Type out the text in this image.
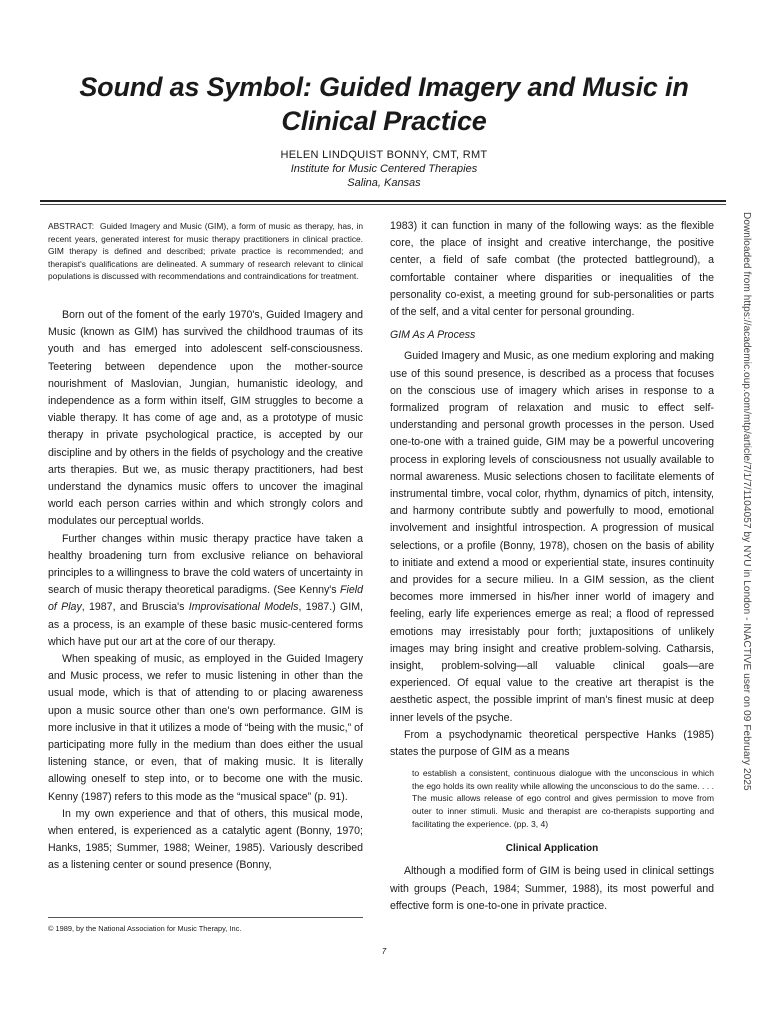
Sound as Symbol: Guided Imagery and Music in Clinical Practice
HELEN LINDQUIST BONNY, CMT, RMT
Institute for Music Centered Therapies
Salina, Kansas
ABSTRACT: Guided Imagery and Music (GIM), a form of music as therapy, has, in recent years, generated interest for music therapy practitioners in clinical practice. GIM therapy is defined and described; private practice is recommended; and therapist's qualifications are delineated. A summary of research relevant to clinical populations is discussed with recommendations and contraindications for treatment.

Born out of the foment of the early 1970's, Guided Imagery and Music (known as GIM) has survived the childhood traumas of its youth and has emerged into adolescent self-consciousness. Teetering between dependence upon the mother-source nourishment of Maslovian, Jungian, humanistic ideology, and independence as a form within itself, GIM struggles to become a viable therapy. It has come of age and, as a prototype of music therapy in private psychological practice, is accepted by our discipline and by others in the fields of psychology and the creative arts therapies. But we, as music therapy practitioners, had best understand the dynamics music offers to uncover the imaginal world each person carries within and which strongly colors and modulates our perceptual worlds.

Further changes within music therapy practice have taken a healthy broadening turn from exclusive reliance on behavioral principles to a willingness to brave the cold waters of uncertainty in search of music therapy theoretical paradigms. (See Kenny's Field of Play, 1987, and Bruscia's Improvisational Models, 1987.) GIM, as a process, is an example of these basic music-centered forms which have put our art at the core of our therapy.

When speaking of music, as employed in the Guided Imagery and Music process, we refer to music listening in other than the usual mode, which is that of attending to or placing awareness upon a music source other than one's own performance. GIM is more inclusive in that it utilizes a mode of “being with the music,” of participating more fully in the medium than does either the usual listening stance, or even, that of making music. It is literally allowing oneself to step into, or to become one with the music. Kenny (1987) refers to this mode as the “musical space” (p. 91).

In my own experience and that of others, this musical mode, when entered, is experienced as a catalytic agent (Bonny, 1970; Hanks, 1985; Summer, 1988; Weiner, 1985). Variously described as a listening center or sound presence (Bonny,

1983) it can function in many of the following ways: as the flexible core, the place of insight and creative interchange, the positive center, a field of safe combat (the protected battleground), a comfortable container where disparities or inequalities of the personality co-exist, a meeting ground for sub-personalities or parts of the self, and a vital center for personal grounding.

GIM As A Process

Guided Imagery and Music, as one medium exploring and making use of this sound presence, is described as a process that focuses on the conscious use of imagery which arises in response to a formalized program of relaxation and music to effect self-understanding and personal growth processes in the person. Used one-to-one with a trained guide, GIM may be a powerful uncovering process in exploring levels of consciousness not usually available to normal awareness. Music selections chosen to facilitate elements of instrumental timbre, vocal color, rhythm, dynamics of pitch, intensity, and harmony contribute subtly and powerfully to mood, emotional involvement and insightful introspection. A progression of musical selections, or a profile (Bonny, 1978), chosen on the basis of ability to initiate and extend a mood or experiential state, insures continuity and provides for a secure milieu. In a GIM session, as the client becomes more immersed in his/her inner world of imagery and feeling, early life experiences emerge as real; a flood of repressed emotions may irresistably pour forth; juxtapositions of unlikely images may bring insight and creative problem-solving. Catharsis, insight, problem-solving—all valuable clinical goals—are experienced. Of equal value to the creative art therapist is the aesthetic aspect, the possible imprint of man's finest music at deep inner levels of the psyche.

From a psychodynamic theoretical perspective Hanks (1985) states the purpose of GIM as a means

to establish a consistent, continuous dialogue with the unconscious in which the ego holds its own reality while allowing the unconscious to do the same. . . . The music allows release of ego control and gives permission to move from outer to inner stimuli. Music and therapist are co-therapists supporting and facilitating the experience. (pp. 3, 4)
Clinical Application

Although a modified form of GIM is being used in clinical settings with groups (Peach, 1984; Summer, 1988), its most powerful and effective form is one-to-one in private practice.

© 1989, by the National Association for Music Therapy, Inc.
7
Downloaded from https://academic.oup.com/mtp/article/7/1/7/1104057 by NYU in London - INACTIVE user on 09 February 2025
